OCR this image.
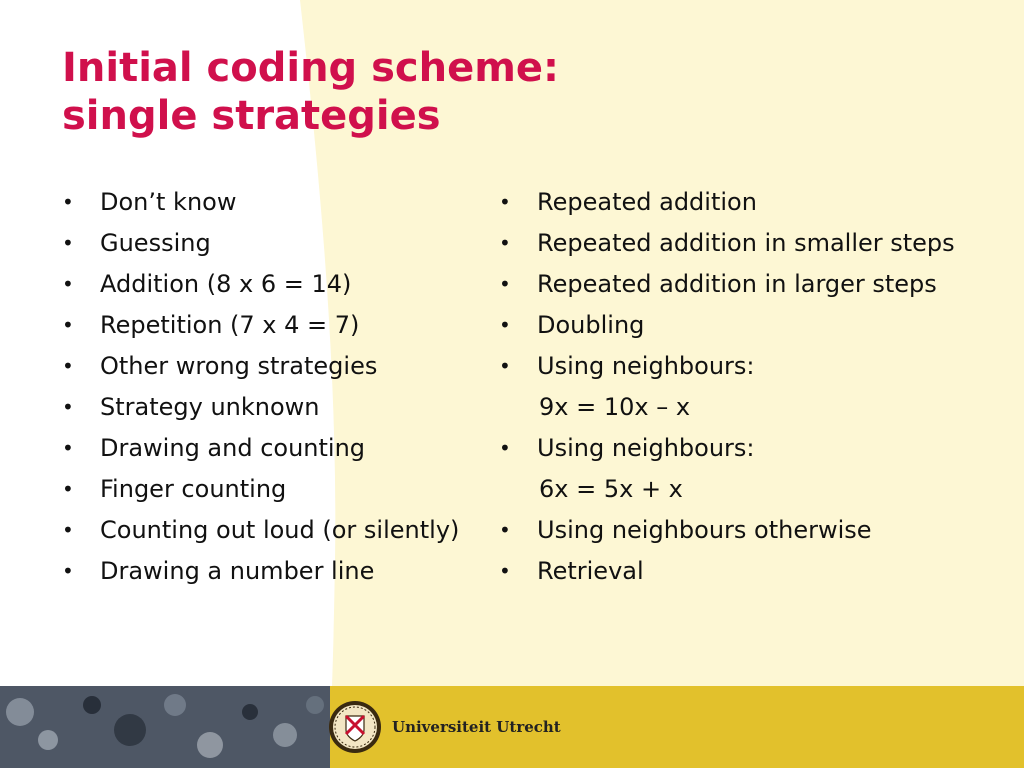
Initial coding scheme:
single strategies
• Don’t know
• Guessing
• Addition (8 x 6 = 14)
• Repetition (7 x 4 = 7)
• Other wrong strategies
• Strategy unknown
• Drawing and counting
• Finger counting
• Counting out loud (or silently)
• Drawing a number line
• Repeated addition
• Repeated addition in smaller steps
• Repeated addition in larger steps
• Doubling
• Using neighbours:
9x = 10x – x
• Using neighbours:
6x = 5x + x
• Using neighbours otherwise
• Retrieval
Universiteit Utrecht
